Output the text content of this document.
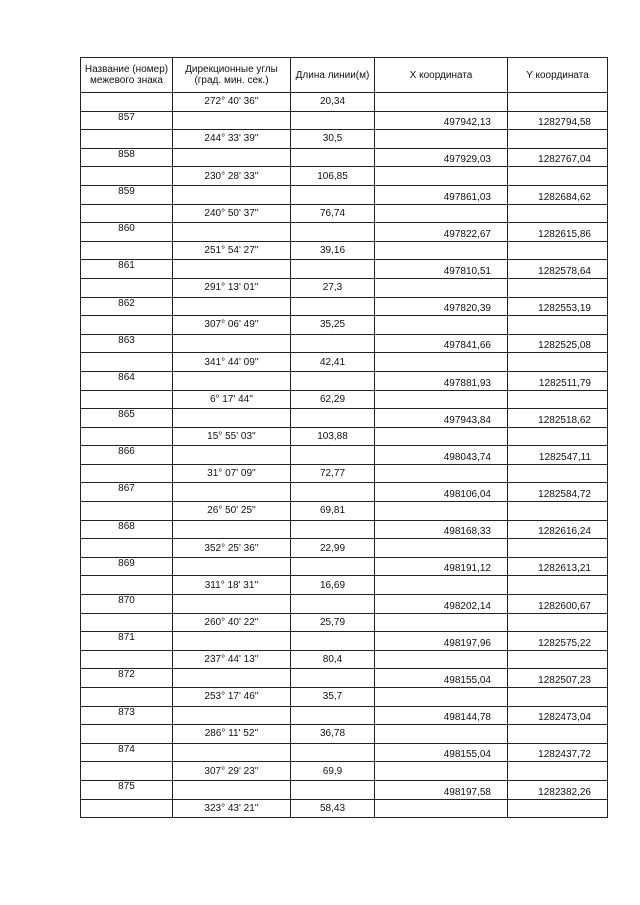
Название (номер) межевого знака	Дирекционные углы (град. мин. сек.)	Длина линии(м)	X координата	Y координата
	272° 40' 36''	20,34		
857			497942,13	1282794,58
	244° 33' 39''	30,5		
858			497929,03	1282767,04
	230° 28' 33''	106,85		
859			497861,03	1282684,62
	240° 50' 37''	76,74		
860			497822,67	1282615,86
	251° 54' 27''	39,16		
861			497810,51	1282578,64
	291° 13' 01''	27,3		
862			497820,39	1282553,19
	307° 06' 49''	35,25		
863			497841,66	1282525,08
	341° 44' 09''	42,41		
864			497881,93	1282511,79
	6° 17' 44''	62,29		
865			497943,84	1282518,62
	15° 55' 03''	103,88		
866			498043,74	1282547,11
	31° 07' 09''	72,77		
867			498106,04	1282584,72
	26° 50' 25''	69,81		
868			498168,33	1282616,24
	352° 25' 36''	22,99		
869			498191,12	1282613,21
	311° 18' 31''	16,69		
870			498202,14	1282600,67
	260° 40' 22''	25,79		
871			498197,96	1282575,22
	237° 44' 13''	80,4		
872			498155,04	1282507,23
	253° 17' 46''	35,7		
873			498144,78	1282473,04
	286° 11' 52''	36,78		
874			498155,04	1282437,72
	307° 29' 23''	69,9		
875			498197,58	1282382,26
	323° 43' 21''	58,43		
